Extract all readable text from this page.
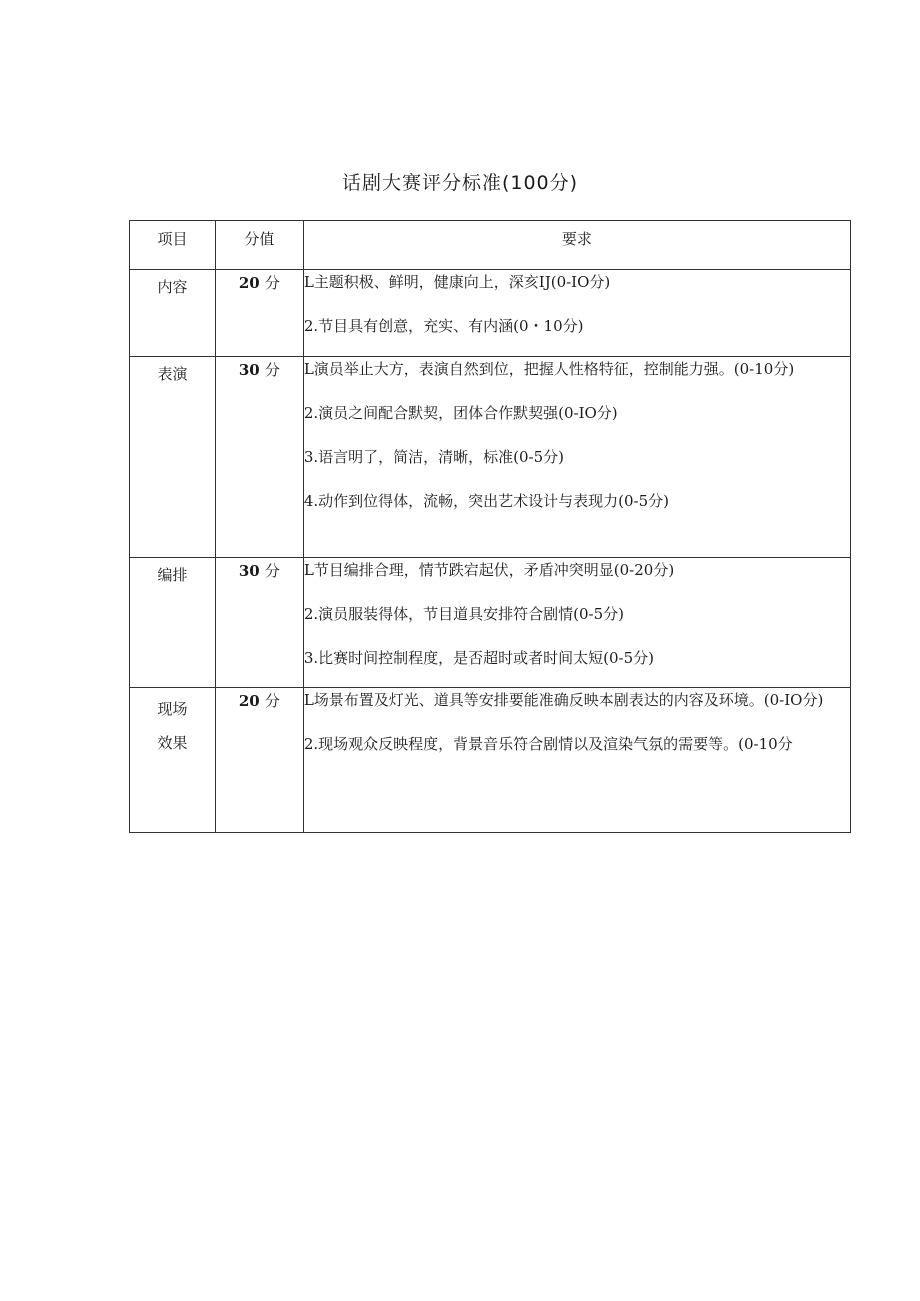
话剧大赛评分标准(100分)
项目	分值	要求
内容	20 分	L主题积极、鲜明，健康向上，深亥IJ(0-IO分)
2.节目具有创意，充实、有内涵(0・10分)

表演	30 分	L演员举止大方，表演自然到位，把握人性格特征，控制能力强。(0-10分)
2.演员之间配合默契，团体合作默契强(0-IO分)
3.语言明了，简洁，清晰，标准(0-5分)
4.动作到位得体，流畅，突出艺术设计与表现力(0-5分)

编排	30 分	L节目编排合理，情节跌宕起伏，矛盾冲突明显(0-20分)
2.演员服装得体，节目道具安排符合剧情(0-5分)
3.比赛时间控制程度，是否超时或者时间太短(0-5分)

现场效果	20 分	L场景布置及灯光、道具等安排要能准确反映本剧表达的内容及环境。(0-IO分)
2.现场观众反映程度，背景音乐符合剧情以及渲染气氛的需要等。(0-10分
